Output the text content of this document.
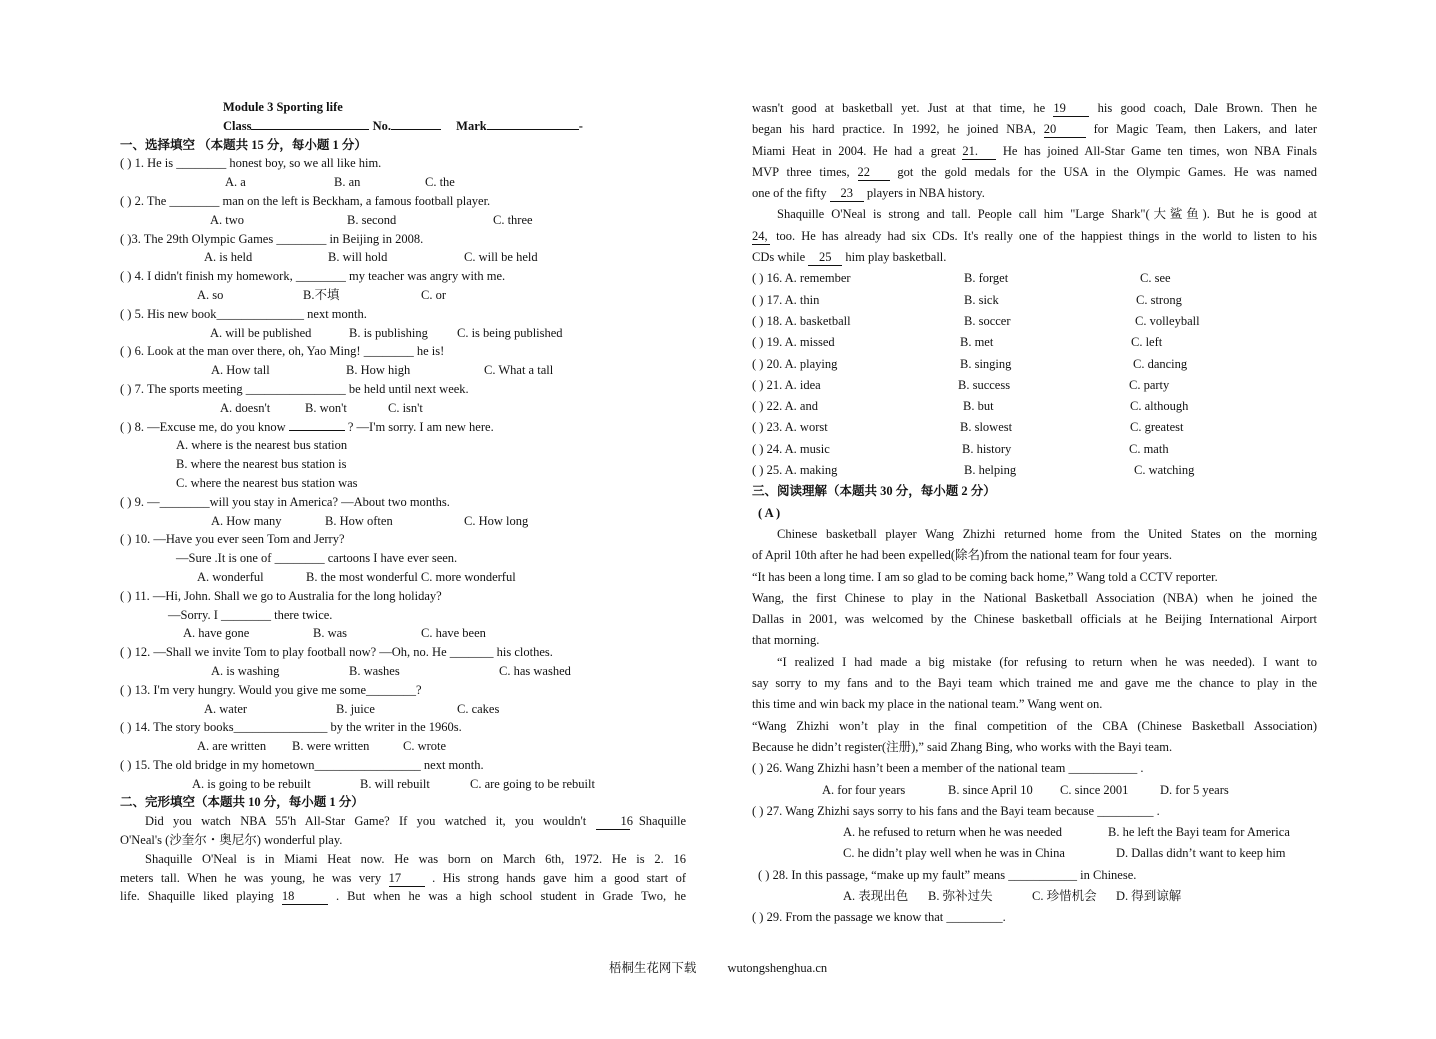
Module 3 Sporting life
Class	No.	Mark	-
一、选择填空 （本题共 15 分，每小题 1 分）
( ) 1. He is ________ honest boy, so we all like him.
A. a	B. an	C. the
( ) 2. The ________ man on the left is Beckham, a famous football player.
A. two	B. second	C. three
( )3. The 29th Olympic Games ________ in Beijing in 2008.
A. is held	B. will hold	C. will be held
( ) 4. I didn't finish my homework, ________ my teacher was angry with me.
A. so	B.不填	C. or
( ) 5. His new book______________ next month.
A. will be published	B. is publishing C. is being published
( ) 6. Look at the man over there, oh, Yao Ming! ________ he is!
A. How tall	B. How high	C. What a tall
( ) 7. The sports meeting ________________ be held until next week.
A. doesn't	B. won't	C. isn't
( ) 8. —Excuse me, do you know	? —I'm sorry. I am new here.
A. where is the nearest bus station
B. where the nearest bus station is
C. where the nearest bus station was
( ) 9. —________will you stay in America? —About two months.
A. How many	B. How often	C. How long
( ) 10. —Have you ever seen Tom and Jerry?
—Sure .It is one of ________ cartoons I have ever seen.
A. wonderful	B. the most wonderful C. more wonderful
( ) 11. —Hi, John. Shall we go to Australia for the long holiday?
—Sorry. I ________ there twice.
A. have gone	B. was	C. have been
( ) 12. —Shall we invite Tom to play football now? —Oh, no. He _______ his clothes.
A. is washing	B. washes	C. has washed
( ) 13. I'm very hungry. Would you give me some________?
A. water	B. juice	C. cakes
( ) 14. The story books_______________ by the writer in the 1960s.
A. are written B. were written	C. wrote
( ) 15. The old bridge in my hometown_________________ next month.
A. is going to be rebuilt	B. will rebuilt	C. are going to be rebuilt
二、完形填空（本题共 10 分，每小题 1 分）
Did you watch NBA 55'h All-Star Game? If you watched it, you wouldn't	16 Shaquille
O'Neal's (沙奎尔・奥尼尔) wonderful play.
Shaquille O'Neal is in Miami Heat now. He was born on March 6th, 1972. He is 2. 16
meters tall. When he was young, he was very 17 . His strong hands gave him a good start of
life. Shaquille liked playing 18	. But when he was a high school student in Grade Two, he
wasn't good at basketball yet. Just at that time, he 19	his good coach, Dale Brown. Then he
began his hard practice. In 1992, he joined NBA, 20	for Magic Team, then Lakers, and later
Miami Heat in 2004. He had a great 21. He has joined All-Star Game ten times, won NBA Finals
MVP three times, 22 got the gold medals for the USA in the Olympic Games. He was named
one of the fifty 23 players in NBA history.
Shaquille O'Neal is strong and tall. People call him "Large Shark"(大鲨鱼). But he is good at
24, too. He has already had six CDs. It's really one of the happiest things in the world to listen to his
CDs while 25 him play basketball.
( ) 16. A. remember	B. forget	C. see
( ) 17. A. thin	B. sick	C. strong
( ) 18. A. basketball	B. soccer	C. volleyball
( ) 19. A. missed	B. met	C. left
( ) 20. A. playing	B. singing	C. dancing
( ) 21. A. idea	B. success	C. party
( ) 22. A. and	B. but	C. although
( ) 23. A. worst	B. slowest	C. greatest
( ) 24. A. music	B. history	C. math
( ) 25. A. making	B. helping	C. watching
三、阅读理解（本题共 30 分，每小题 2 分）
( A )
Chinese basketball player Wang Zhizhi returned home from the United States on the morning
of April 10th after he had been expelled(除名)from the national team for four years.
“It has been a long time. I am so glad to be coming back home,” Wang told a CCTV reporter.
Wang, the first Chinese to play in the National Basketball Association (NBA) when he joined the
Dallas in 2001, was welcomed by the Chinese basketball officials at he Beijing International Airport
that morning.
“I realized I had made a big mistake (for refusing to return when he was needed). I want to
say sorry to my fans and to the Bayi team which trained me and gave me the chance to play in the
this time and win back my place in the national team.” Wang went on.
“Wang Zhizhi won’t play in the final competition of the CBA (Chinese Basketball Association)
Because he didn’t register(注册),” said Zhang Bing, who works with the Bayi team.
( ) 26. Wang Zhizhi hasn’t been a member of the national team ___________ .
A. for four years	B. since April 10 C. since 2001	D. for 5 years
( ) 27. Wang Zhizhi says sorry to his fans and the Bayi team because _________ .
A. he refused to return when he was needed	B. he left the Bayi team for America
C. he didn’t play well when he was in China	D. Dallas didn’t want to keep him
( ) 28. In this passage, “make up my fault” means ___________ in Chinese.
A. 表现出色 B. 弥补过失	C. 珍惜机会 D. 得到谅解
( ) 29. From the passage we know that _________.
梧桐生花网下载 wutongshenghua.cn
